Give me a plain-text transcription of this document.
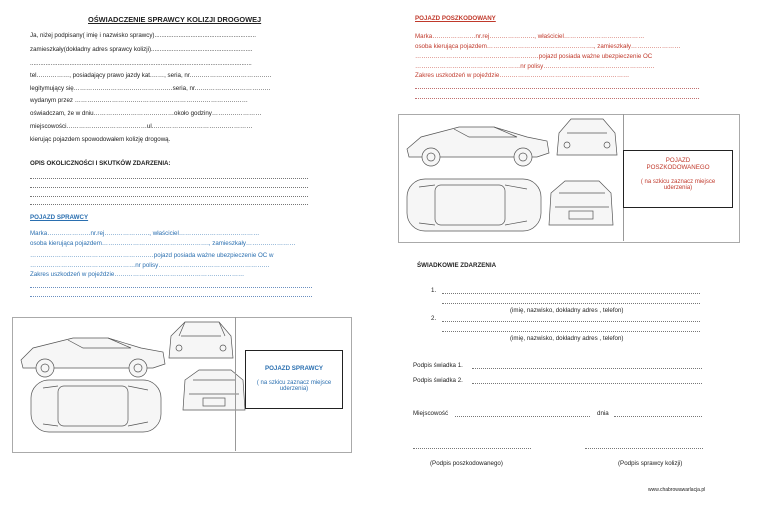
OŚWIADCZENIE SPRAWCY KOLIZJI DROGOWEJ
Ja, niżej podpisany( imię i nazwisko sprawcy)...........................................................
zamieszkały(dokładny adres sprawcy kolizji)...........................................................
.................................................................................................................................
tel.……………, posiadający prawo jazdy kat.……, seria, nr.…………………………………
legitymujący się…………………………………………seria, nr.………………………………
wydanym przez …………………………………………………………………………
oświadczam, że w dniu…………………………………około godziny……………………
miejscowości…………………………………ul.…………………………………………
kierując pojazdem spowodowałem kolizję drogową.
OPIS OKOLICZNOŚCI I SKUTKÓW ZDARZENIA:
POJAZD SPRAWCY
Marka…………………nr.rej…………………., właściciel…………………………………
osoba kierująca pojazdem……………………………………………., zamieszkały……………………
……………………………………………………pojazd posiada ważne ubezpieczenie OC w
……………………………………………nr polisy………………………………………………
Zakres uszkodzeń w pojeździe………………………………………………………
POJAZD SPRAWCY
( na szkicu zaznacz miejsce uderzenia)
POJAZD POSZKODOWANY
Marka…………………nr.rej…………………., właściciel…………………………………
osoba kierująca pojazdem……………………………………………., zamieszkały……………………
……………………………………………………pojazd posiada ważne ubezpieczenie OC
……………………………………………nr polisy………………………………………………
Zakres uszkodzeń w pojeździe………………………………………………………
POJAZD POSZKODOWANEGO
( na szkicu zaznacz miejsce uderzenia)
ŚWIADKOWIE ZDARZENIA
1.
(imię, nazwisko, dokładny adres , telefon)
2.
(imię, nazwisko, dokładny adres , telefon)
Podpis świadka 1.
Podpis świadka 2.
Miejscowość	dnia
(Podpis poszkodowanego)	(Podpis sprawcy kolizji)
www.chabrowawarlacja.pl
